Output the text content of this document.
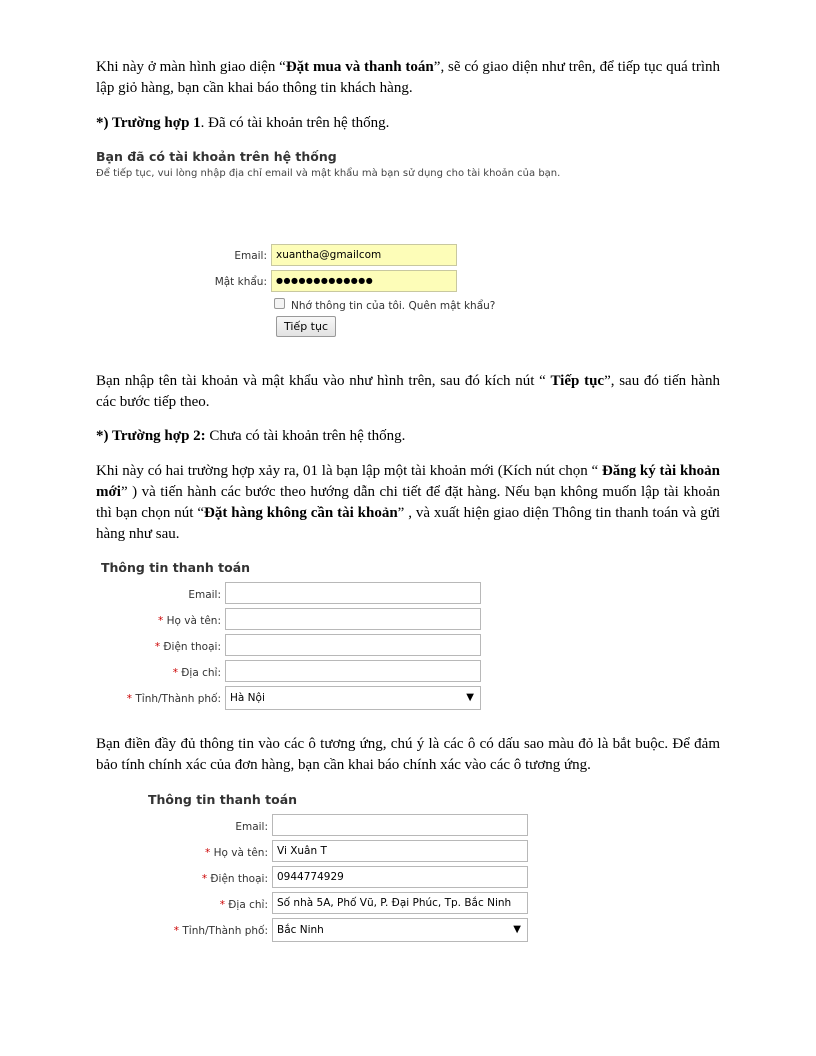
Khi này ở màn hình giao diện “Đặt mua và thanh toán”, sẽ có giao diện như trên, để tiếp tục quá trình lập giỏ hàng, bạn cần khai báo thông tin khách hàng.

*) Trường hợp 1. Đã có tài khoản trên hệ thống.

Bạn đã có tài khoản trên hệ thống
Để tiếp tục, vui lòng nhập địa chỉ email và mật khẩu mà bạn sử dụng cho tài khoản của bạn.
Email: xuantha@gmailcom
Mật khẩu:	●●●●●●●●●●●●●
Nhớ thông tin của tôi. Quên mật khẩu?
Tiếp tục

Bạn nhập tên tài khoản và mật khẩu vào như hình trên, sau đó kích nút “ Tiếp tục”, sau đó tiến hành các bước tiếp theo.

*) Trường hợp 2: Chưa có tài khoản trên hệ thống.

Khi này có hai trường hợp xảy ra, 01 là bạn lập một tài khoản mới (Kích nút chọn “ Đăng ký tài khoản mới” ) và tiến hành các bước theo hướng dẫn chi tiết để đặt hàng. Nếu bạn không muốn lập tài khoản thì bạn chọn nút “Đặt hàng không cần tài khoản” , và xuất hiện giao diện Thông tin thanh toán và gửi hàng như sau.

Thông tin thanh toán
Email:
* Họ và tên:
* Điện thoại:
* Địa chỉ:
* Tỉnh/Thành phố: Hà Nội	▼

Bạn điền đầy đủ thông tin vào các ô tương ứng, chú ý là các ô có dấu sao màu đỏ là bắt buộc. Để đảm bảo tính chính xác của đơn hàng, bạn cần khai báo chính xác vào các ô tương ứng.

Thông tin thanh toán
Email:
* Họ và tên: Vi Xuân T
* Điện thoại: 0944774929
* Địa chỉ: Số nhà 5A, Phố Vũ, P. Đại Phúc, Tp. Bắc Ninh
* Tỉnh/Thành phố: Bắc Ninh	▼
